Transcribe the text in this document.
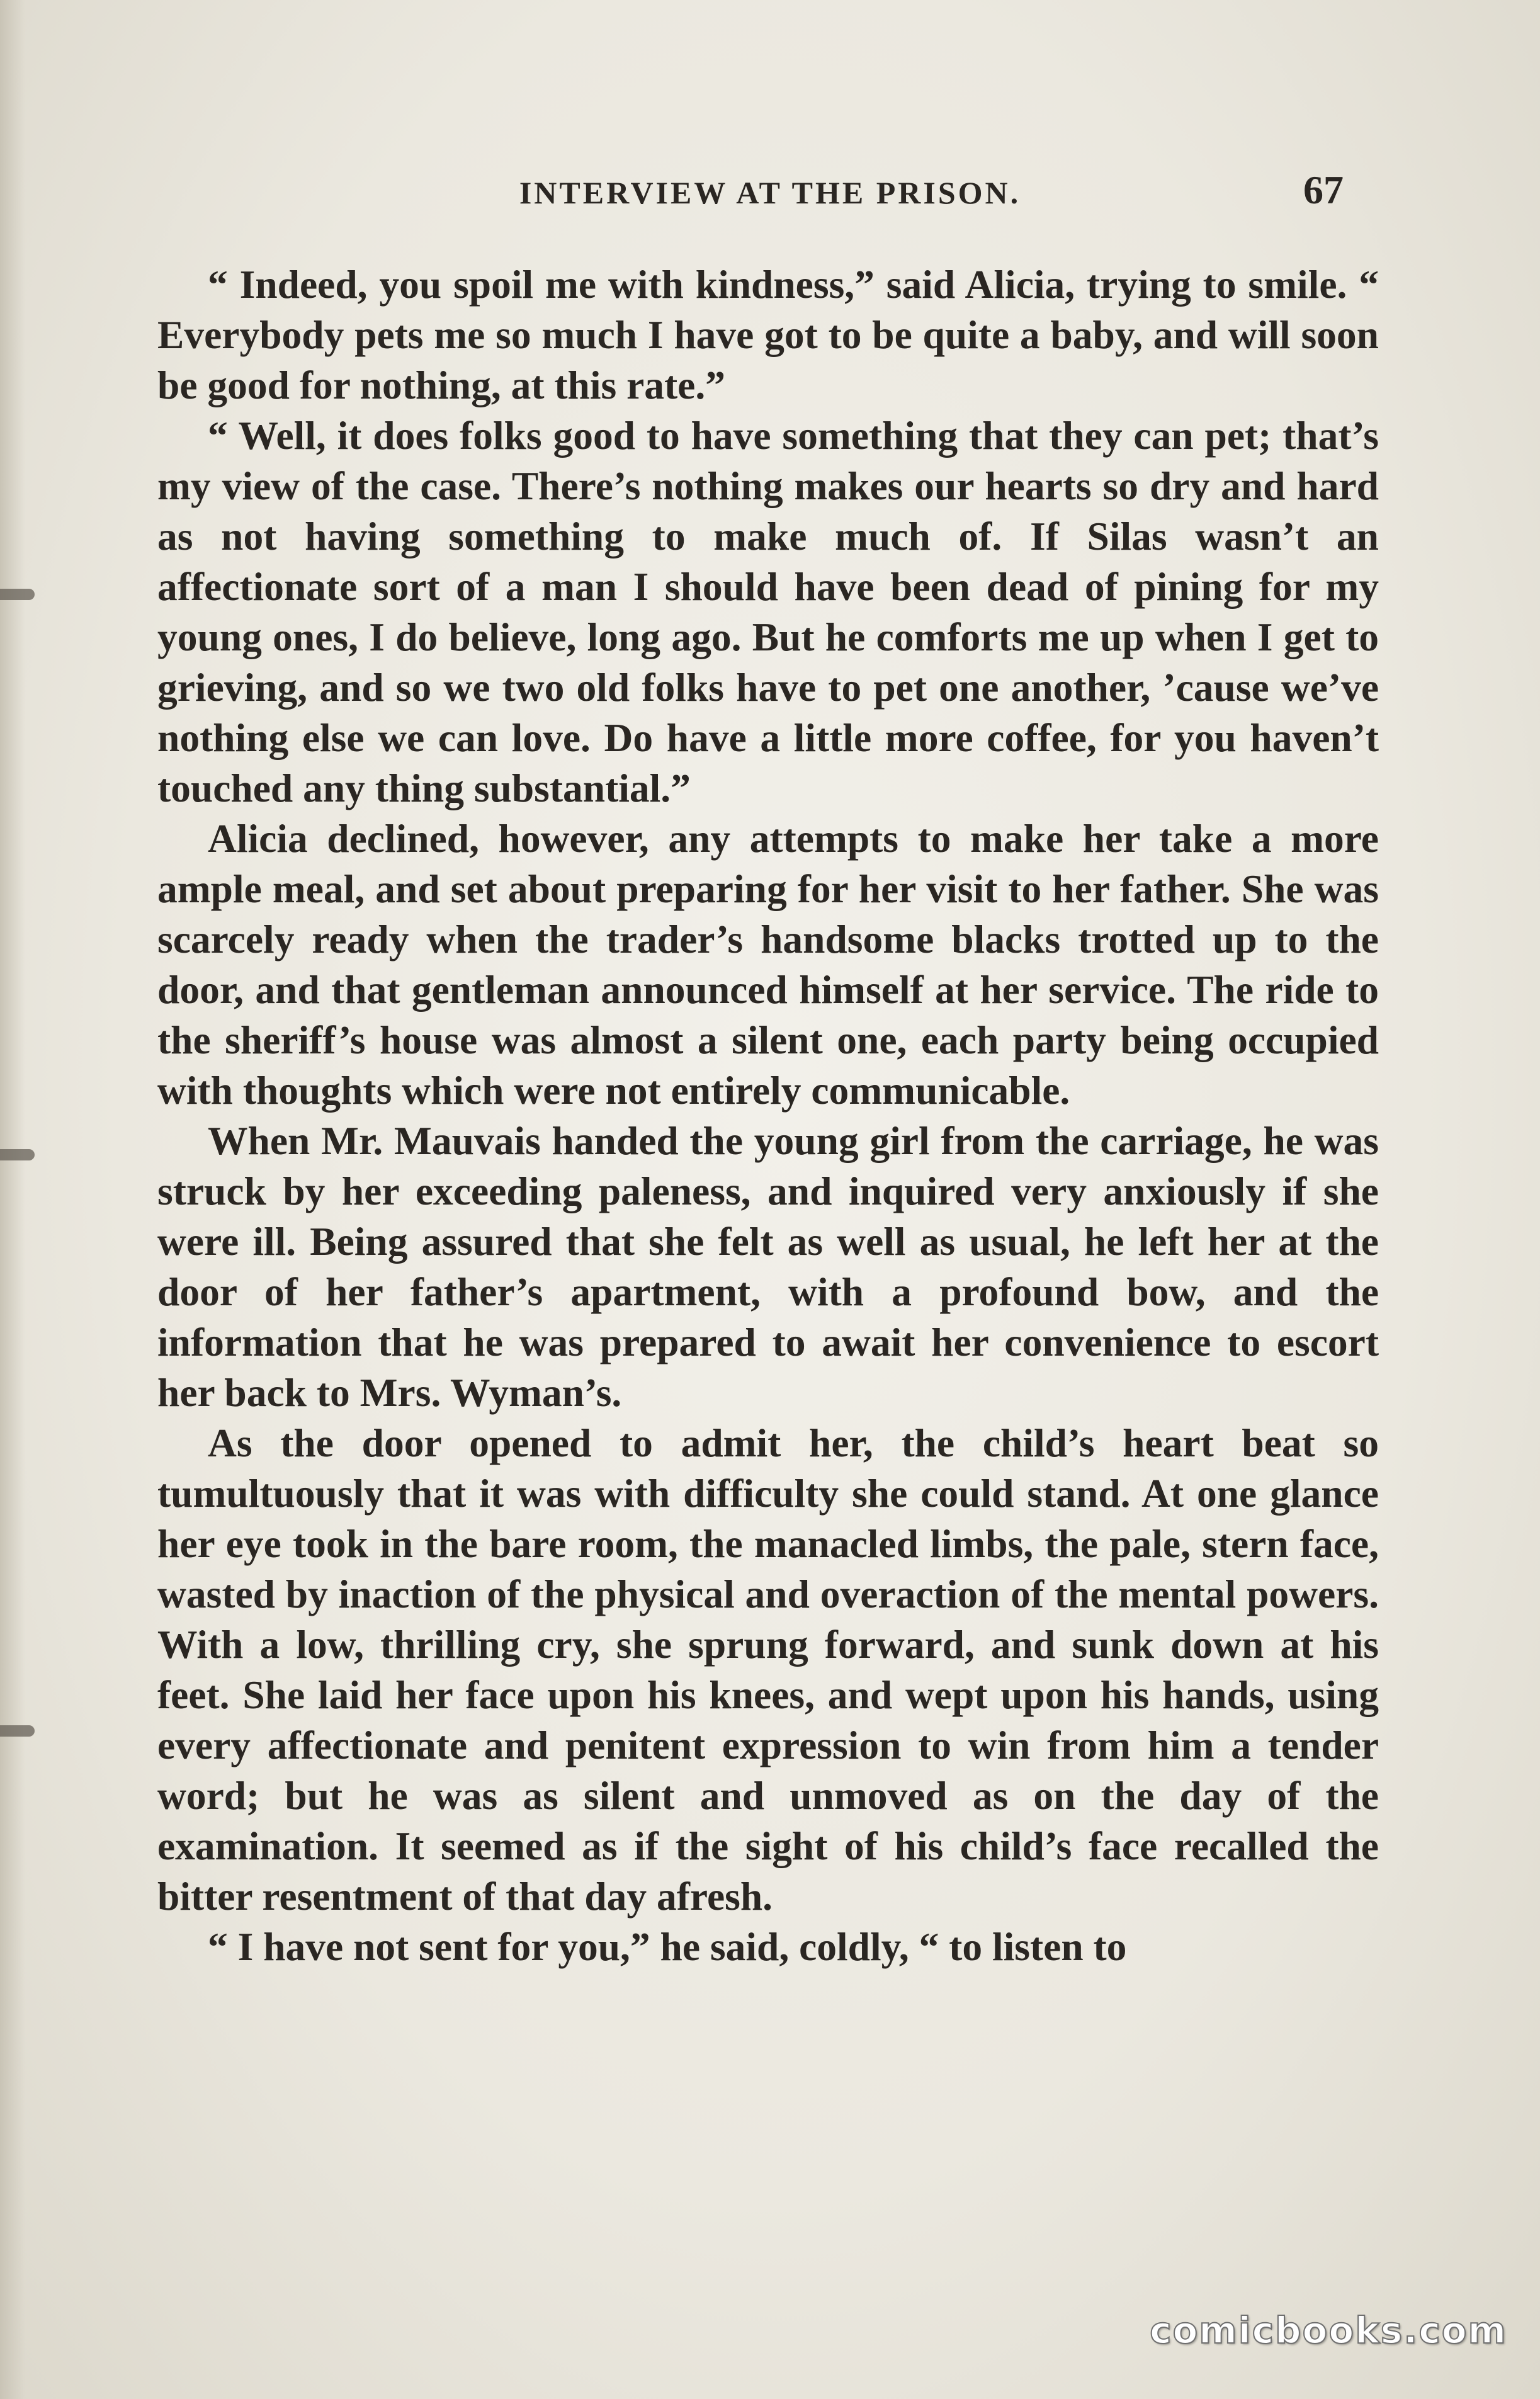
INTERVIEW AT THE PRISON.	67

“ Indeed, you spoil me with kindness,” said Alicia, trying to smile. “ Everybody pets me so much I have got to be quite a baby, and will soon be good for nothing, at this rate.”

“ Well, it does folks good to have something that they can pet; that’s my view of the case. There’s nothing makes our hearts so dry and hard as not having something to make much of. If Silas wasn’t an affectionate sort of a man I should have been dead of pining for my young ones, I do believe, long ago. But he comforts me up when I get to grieving, and so we two old folks have to pet one another, ’cause we’ve nothing else we can love. Do have a little more coffee, for you haven’t touched any thing substantial.”

Alicia declined, however, any attempts to make her take a more ample meal, and set about preparing for her visit to her father. She was scarcely ready when the trader’s handsome blacks trotted up to the door, and that gentleman announced himself at her service. The ride to the sheriff’s house was almost a silent one, each party being occupied with thoughts which were not entirely communicable.

When Mr. Mauvais handed the young girl from the carriage, he was struck by her exceeding paleness, and inquired very anxiously if she were ill. Being assured that she felt as well as usual, he left her at the door of her father’s apartment, with a profound bow, and the information that he was prepared to await her convenience to escort her back to Mrs. Wyman’s.

As the door opened to admit her, the child’s heart beat so tumultuously that it was with difficulty she could stand. At one glance her eye took in the bare room, the manacled limbs, the pale, stern face, wasted by inaction of the physical and overaction of the mental powers. With a low, thrilling cry, she sprung forward, and sunk down at his feet. She laid her face upon his knees, and wept upon his hands, using every affectionate and penitent expression to win from him a tender word; but he was as silent and unmoved as on the day of the examination. It seemed as if the sight of his child’s face recalled the bitter resentment of that day afresh.

“ I have not sent for you,” he said, coldly, “ to listen to

comicbooks.com
